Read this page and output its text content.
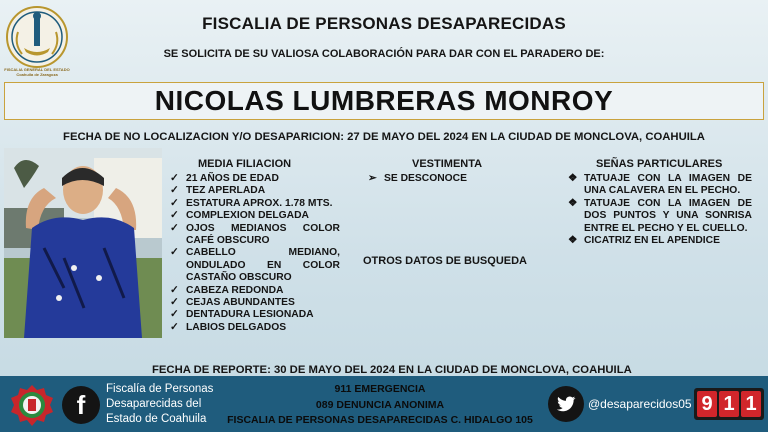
FISCALIA GENERAL DEL ESTADO Coahuila de Zaragoza
FISCALIA DE PERSONAS DESAPARECIDAS
SE SOLICITA DE SU VALIOSA COLABORACIÓN PARA DAR CON EL PARADERO DE:
NICOLAS LUMBRERAS MONROY
FECHA DE NO LOCALIZACION Y/O DESAPARICION: 27 DE MAYO DEL 2024 EN LA CIUDAD DE MONCLOVA, COAHUILA
MEDIA FILIACION
✓ 21 AÑOS DE EDAD
✓ TEZ APERLADA
✓ ESTATURA APROX. 1.78 MTS.
✓ COMPLEXION DELGADA
✓ OJOS MEDIANOS COLOR CAFÉ OBSCURO
✓ CABELLO MEDIANO, ONDULADO EN COLOR CASTAÑO OBSCURO
✓ CABEZA REDONDA
✓ CEJAS ABUNDANTES
✓ DENTADURA LESIONADA
✓ LABIOS DELGADOS
VESTIMENTA
➢ SE DESCONOCE
OTROS DATOS DE BUSQUEDA
SEÑAS PARTICULARES
❖ TATUAJE CON LA IMAGEN DE UNA CALAVERA EN EL PECHO.
❖ TATUAJE CON LA IMAGEN DE DOS PUNTOS Y UNA SONRISA ENTRE EL PECHO Y EL CUELLO.
❖ CICATRIZ EN EL APENDICE
FECHA DE REPORTE: 30 DE MAYO DEL 2024 EN LA CIUDAD DE MONCLOVA, COAHUILA
f
Fiscalía de Personas
Desaparecidas del
Estado de Coahuila
911 EMERGENCIA
089 DENUNCIA ANONIMA
FISCALIA DE PERSONAS DESAPARECIDAS C. HIDALGO 105
@desaparecidos05 9 1 1
